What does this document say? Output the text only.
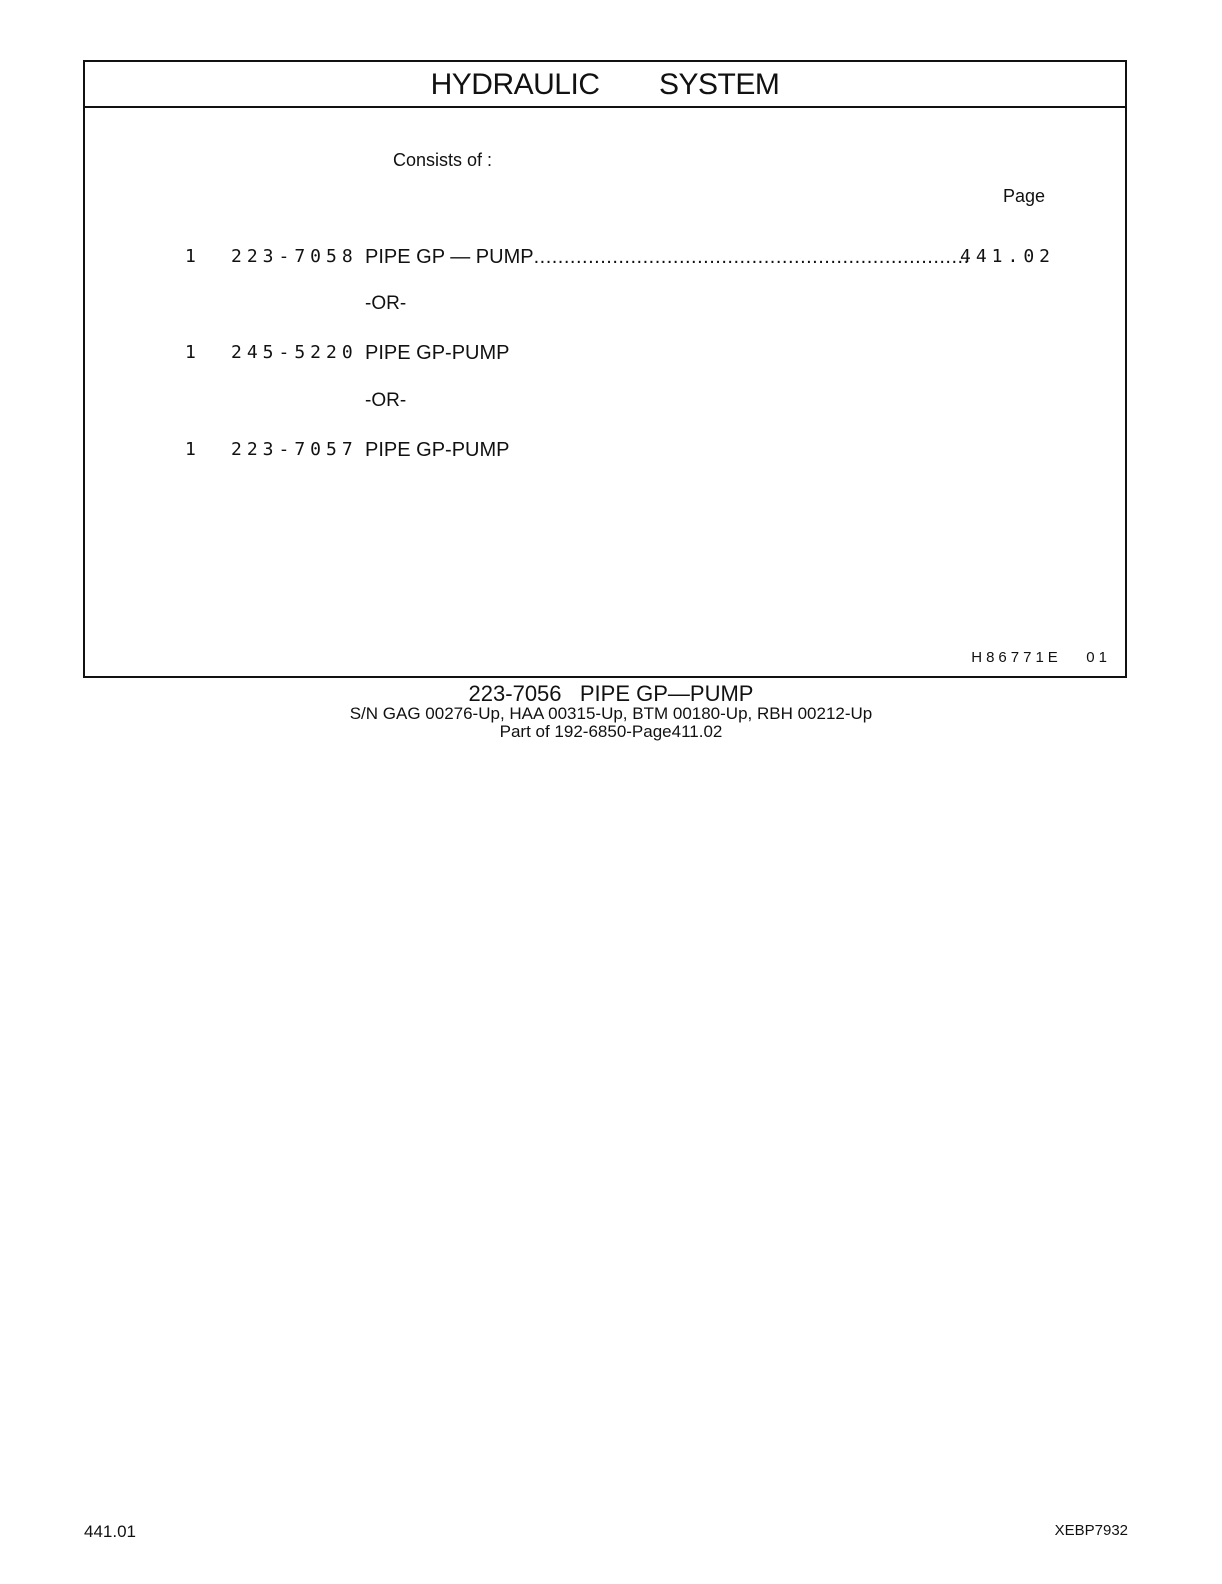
HYDRAULIC   SYSTEM
Consists of :
Page
1 223-7058 PIPE GP — PUMP........................................................................
441.02
-OR-
1 245-5220 PIPE GP-PUMP
-OR-
1 223-7057 PIPE GP-PUMP
H86771E   01
223-7056   PIPE GP—PUMP
S/N GAG 00276-Up, HAA 00315-Up, BTM 00180-Up, RBH 00212-Up
Part of 192-6850-Page411.02
441.01	XEBP7932
